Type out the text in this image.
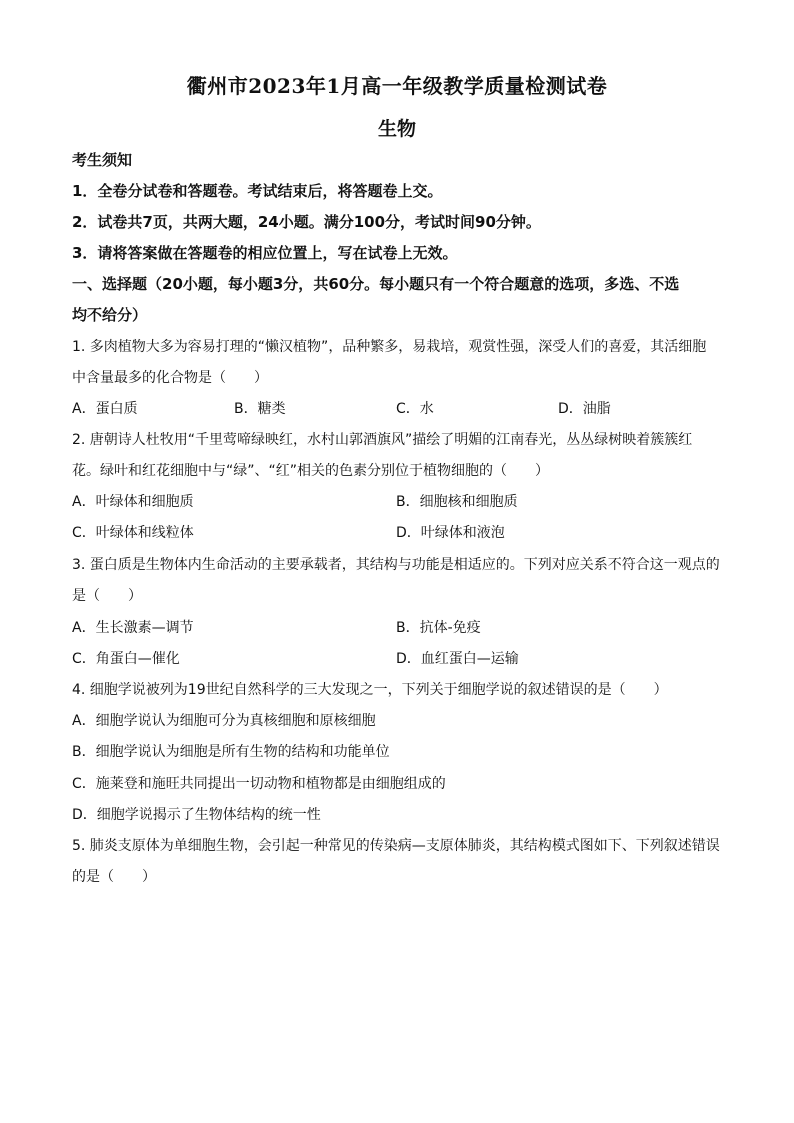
衢州市2023年1月高一年级教学质量检测试卷
生物
考生须知
1．全卷分试卷和答题卷。考试结束后，将答题卷上交。
2．试卷共7页，共两大题，24小题。满分100分，考试时间90分钟。
3．请将答案做在答题卷的相应位置上，写在试卷上无效。
一、选择题（20小题，每小题3分，共60分。每小题只有一个符合题意的选项，多选、不选
均不给分）
1. 多肉植物大多为容易打理的“懒汉植物”，品种繁多，易栽培，观赏性强，深受人们的喜爱，其活细胞
中含量最多的化合物是（　　）
A．蛋白质	B．糖类	C．水	D．油脂
2. 唐朝诗人杜牧用“千里莺啼绿映红，水村山郭酒旗风”描绘了明媚的江南春光，丛丛绿树映着簇簇红
花。绿叶和红花细胞中与“绿”、“红”相关的色素分别位于植物细胞的（　　）
A．叶绿体和细胞质	B．细胞核和细胞质
C．叶绿体和线粒体	D．叶绿体和液泡
3. 蛋白质是生物体内生命活动的主要承载者，其结构与功能是相适应的。下列对应关系不符合这一观点的
是（　　）
A．生长激素—调节	B．抗体-免疫
C．角蛋白—催化	D．血红蛋白—运输
4. 细胞学说被列为19世纪自然科学的三大发现之一，下列关于细胞学说的叙述错误的是（　　）
A．细胞学说认为细胞可分为真核细胞和原核细胞
B．细胞学说认为细胞是所有生物的结构和功能单位
C．施莱登和施旺共同提出一切动物和植物都是由细胞组成的
D．细胞学说揭示了生物体结构的统一性
5. 肺炎支原体为单细胞生物，会引起一种常见的传染病—支原体肺炎，其结构模式图如下、下列叙述错误
的是（　　）
